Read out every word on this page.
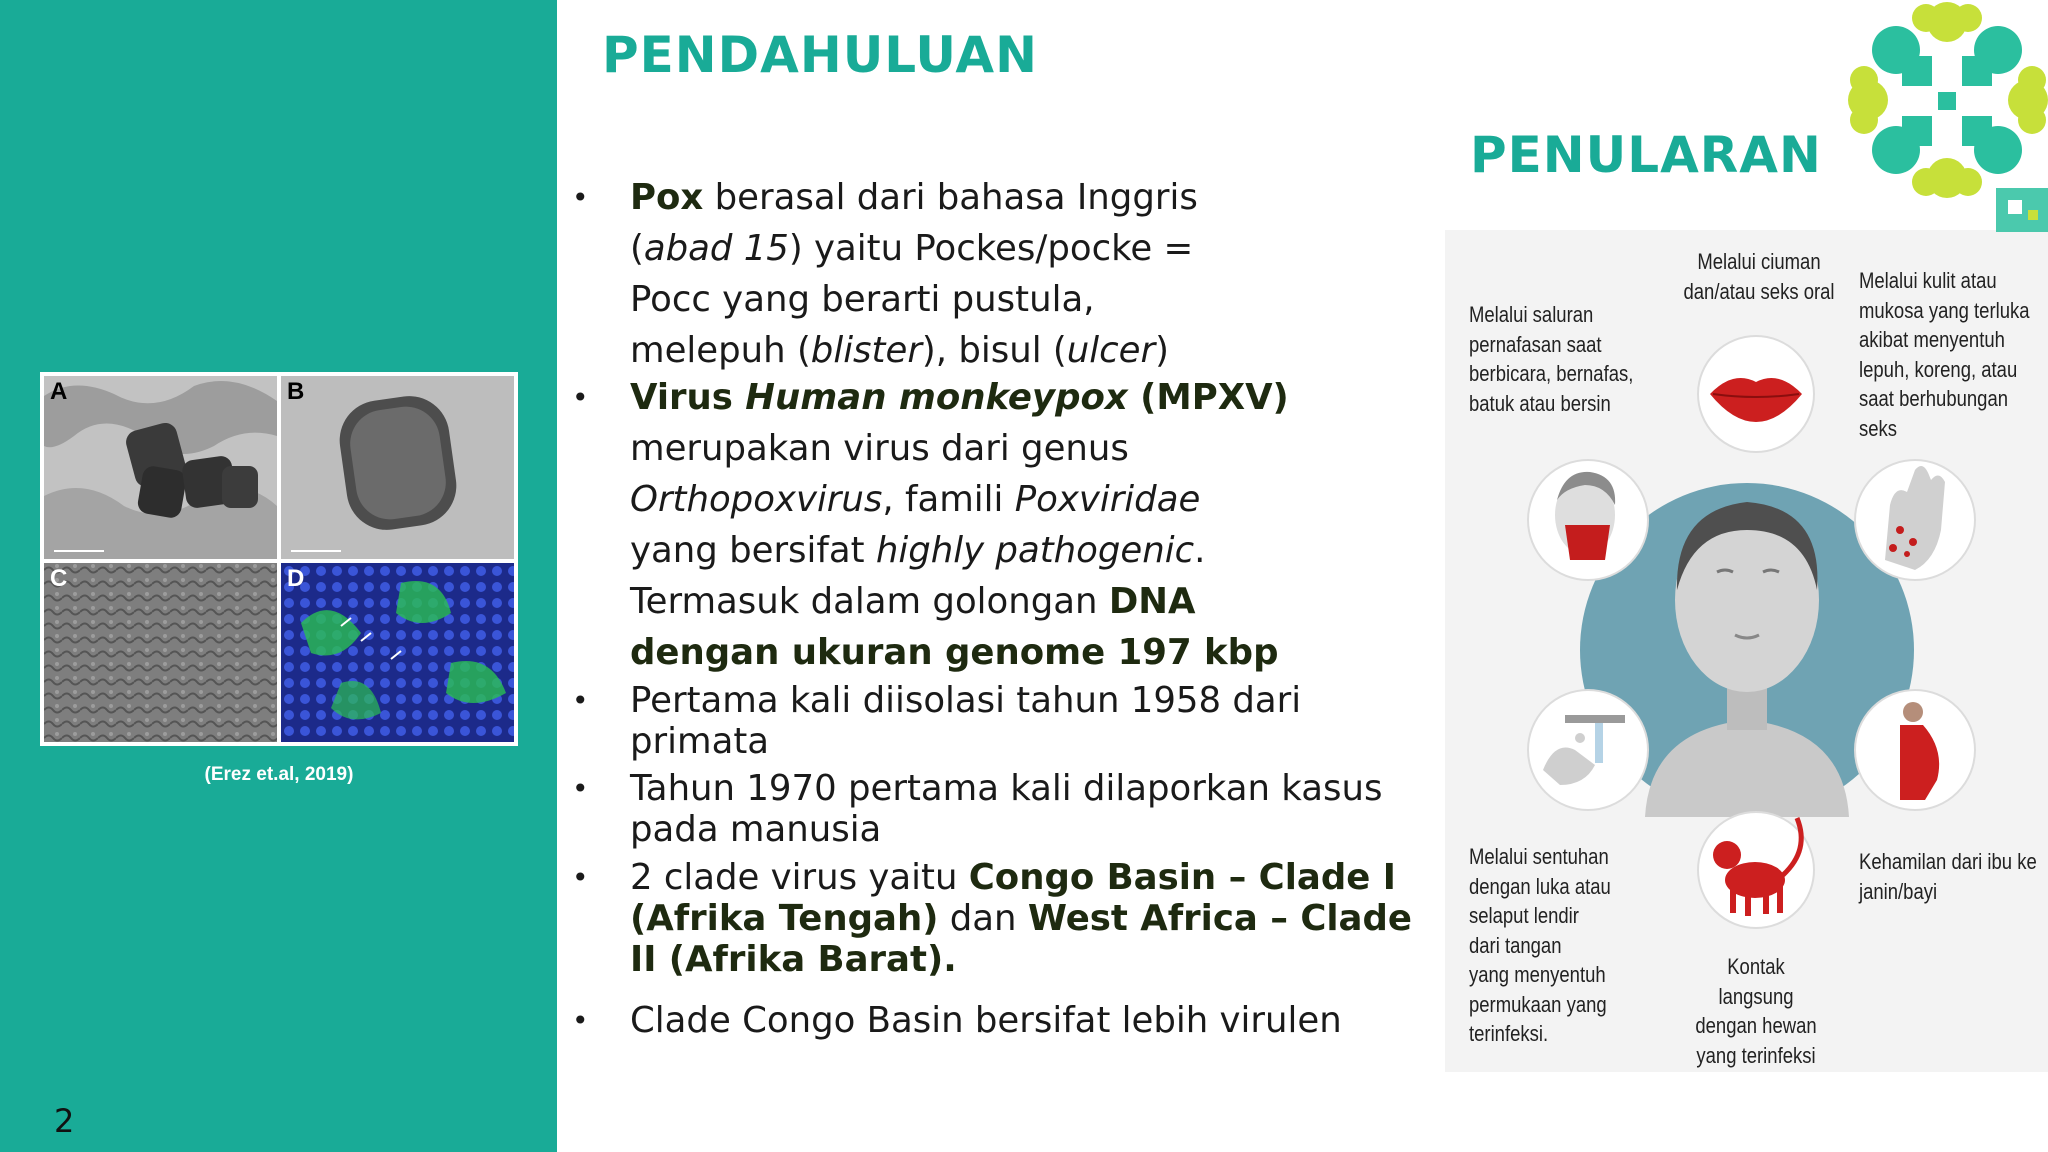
A	B
C	D
(Erez et.al, 2019)
2
PENDAHULUAN
PENULARAN
• Pox berasal dari bahasa Inggris
(abad 15) yaitu Pockes/pocke =
Pocc yang berarti pustula,
melepuh (blister), bisul (ulcer)
• Virus Human monkeypox (MPXV)
merupakan virus dari genus
Orthopoxvirus, famili Poxviridae
yang bersifat highly pathogenic.
Termasuk dalam golongan DNA
dengan ukuran genome 197 kbp
• Pertama kali diisolasi tahun 1958 dari
primata
• Tahun 1970 pertama kali dilaporkan kasus
pada manusia
• 2 clade virus yaitu Congo Basin – Clade I
(Afrika Tengah) dan West Africa – Clade
II (Afrika Barat).
• Clade Congo Basin bersifat lebih virulen
Melalui saluran
pernafasan saat
berbicara, bernafas,
batuk atau bersin
Melalui ciuman
dan/atau seks oral Melalui kulit atau
mukosa yang terluka
akibat menyentuh
lepuh, koreng, atau
saat berhubungan
seks
Melalui sentuhan
dengan luka atau
selaput lendir
dari tangan
yang menyentuh
permukaan yang
terinfeksi.
Kontak
langsung
dengan hewan
yang terinfeksi
Kehamilan dari ibu ke
janin/bayi
